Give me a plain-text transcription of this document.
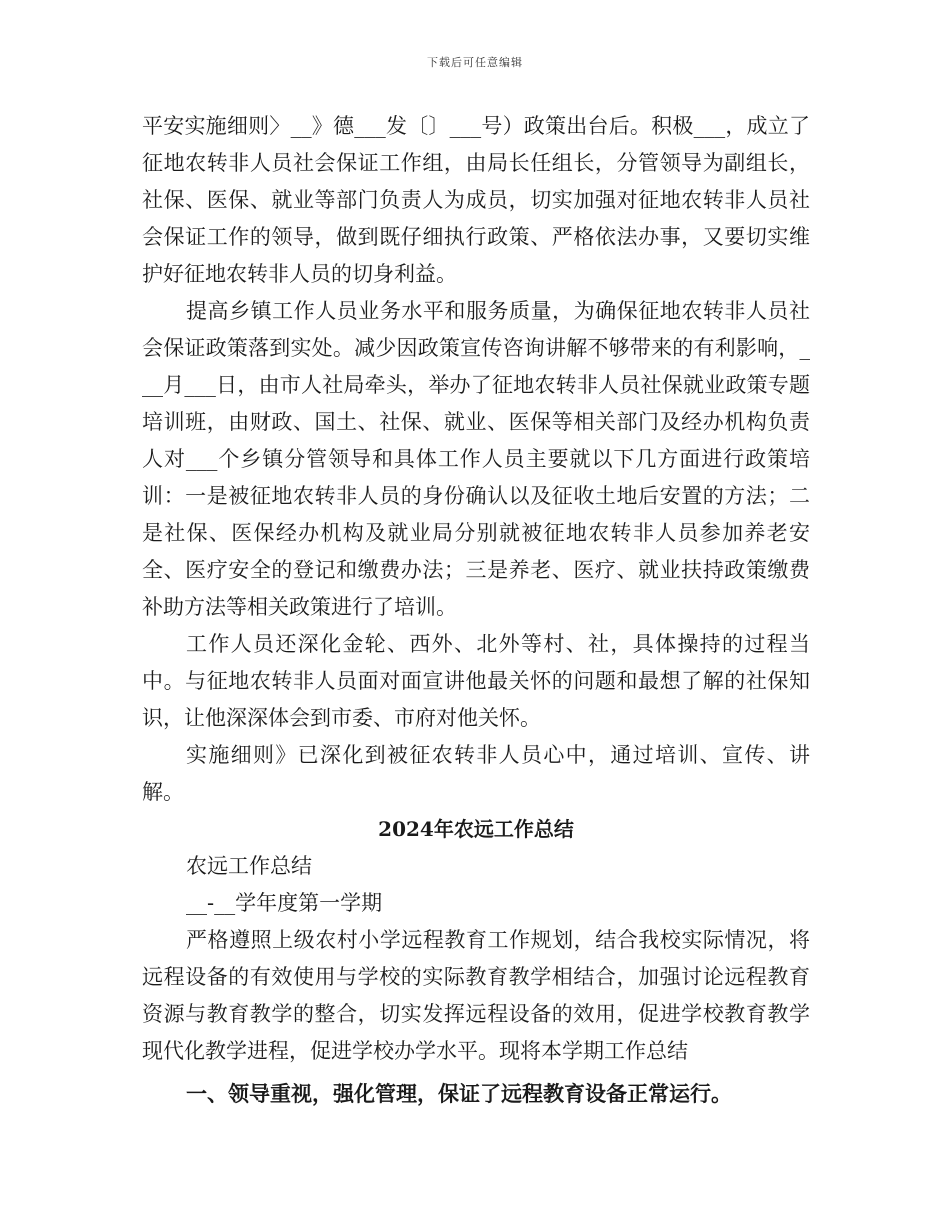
下载后可任意编辑

平安实施细则〉__》德___发〔〕___号）政策出台后。积极___，成立了征地农转非人员社会保证工作组，由局长任组长，分管领导为副组长，社保、医保、就业等部门负责人为成员，切实加强对征地农转非人员社会保证工作的领导，做到既仔细执行政策、严格依法办事，又要切实维护好征地农转非人员的切身利益。

提高乡镇工作人员业务水平和服务质量，为确保征地农转非人员社会保证政策落到实处。减少因政策宣传咨询讲解不够带来的有利影响，___月___日，由市人社局牵头，举办了征地农转非人员社保就业政策专题培训班，由财政、国土、社保、就业、医保等相关部门及经办机构负责人对___个乡镇分管领导和具体工作人员主要就以下几方面进行政策培训：一是被征地农转非人员的身份确认以及征收土地后安置的方法；二是社保、医保经办机构及就业局分别就被征地农转非人员参加养老安全、医疗安全的登记和缴费办法；三是养老、医疗、就业扶持政策缴费补助方法等相关政策进行了培训。

工作人员还深化金轮、西外、北外等村、社，具体操持的过程当中。与征地农转非人员面对面宣讲他最关怀的问题和最想了解的社保知识，让他深深体会到市委、市府对他关怀。

实施细则》已深化到被征农转非人员心中，通过培训、宣传、讲解。

2024年农远工作总结

农远工作总结

__-__学年度第一学期

严格遵照上级农村小学远程教育工作规划，结合我校实际情况，将远程设备的有效使用与学校的实际教育教学相结合，加强讨论远程教育资源与教育教学的整合，切实发挥远程设备的效用，促进学校教育教学现代化教学进程，促进学校办学水平。现将本学期工作总结

一、领导重视，强化管理，保证了远程教育设备正常运行。
